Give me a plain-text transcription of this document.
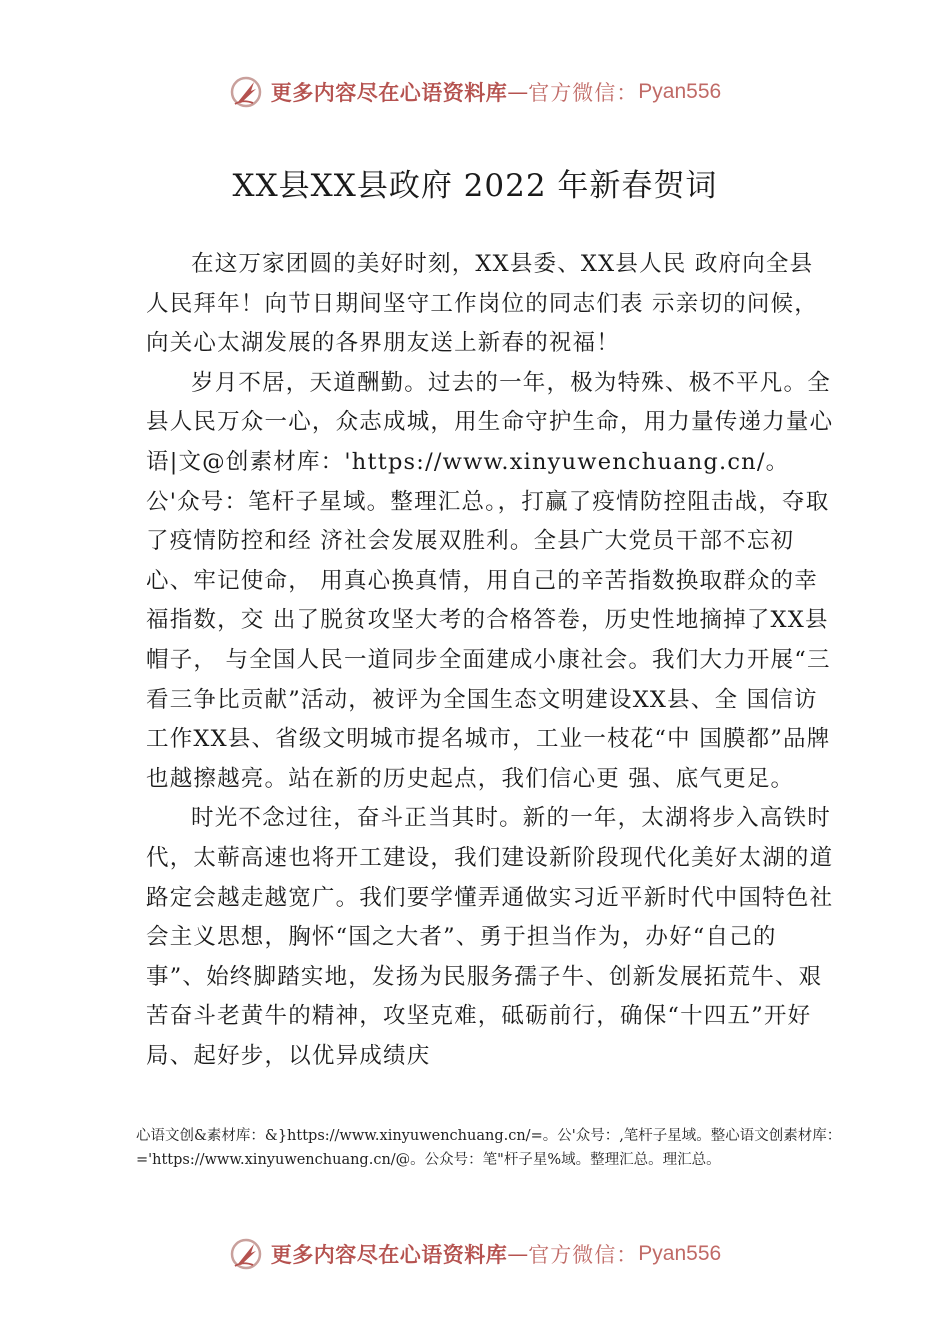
更多内容尽在心语资料库 — 官方微信： Pyan556
XX县XX县政府 2022 年新春贺词

在这万家团圆的美好时刻，XX县委、XX县人民 政府向全县人民拜年！向节日期间坚守工作岗位的同志们表 示亲切的问候，向关心太湖发展的各界朋友送上新春的祝福！

岁月不居，天道酬勤。过去的一年，极为特殊、极不平凡。全县人民万众一心，众志成城，用生命守护生命，用力量传递力量心语|文@创素材库：'https://www.xinyuwenchuang.cn/。公'众号：笔杆子星域。整理汇总。，打赢了疫情防控阻击战，夺取了疫情防控和经 济社会发展双胜利。全县广大党员干部不忘初心、牢记使命， 用真心换真情，用自己的辛苦指数换取群众的幸福指数，交 出了脱贫攻坚大考的合格答卷，历史性地摘掉了XX县帽子， 与全国人民一道同步全面建成小康社会。我们大力开展“三 看三争比贡献”活动，被评为全国生态文明建设XX县、全 国信访工作XX县、省级文明城市提名城市，工业一枝花“中 国膜都”品牌也越擦越亮。站在新的历史起点，我们信心更 强、底气更足。

时光不念过往，奋斗正当其时。新的一年，太湖将步入高铁时代，太蕲高速也将开工建设，我们建设新阶段现代化美好太湖的道路定会越走越宽广。我们要学懂弄通做实习近平新时代中国特色社会主义思想，胸怀“国之大者”、勇于担当作为，办好“自己的事”、始终脚踏实地，发扬为民服务孺子牛、创新发展拓荒牛、艰苦奋斗老黄牛的精神，攻坚克难，砥砺前行，确保“十四五”开好局、起好步，以优异成绩庆

心语文创&素材库：&}https://www.xinyuwenchuang.cn/=。公'众号：,笔杆子星域。整心语文创素材库：='https://www.xinyuwenchuang.cn/@。公众号：笔"杆子星%域。整理汇总。理汇总。
更多内容尽在心语资料库 — 官方微信： Pyan556
